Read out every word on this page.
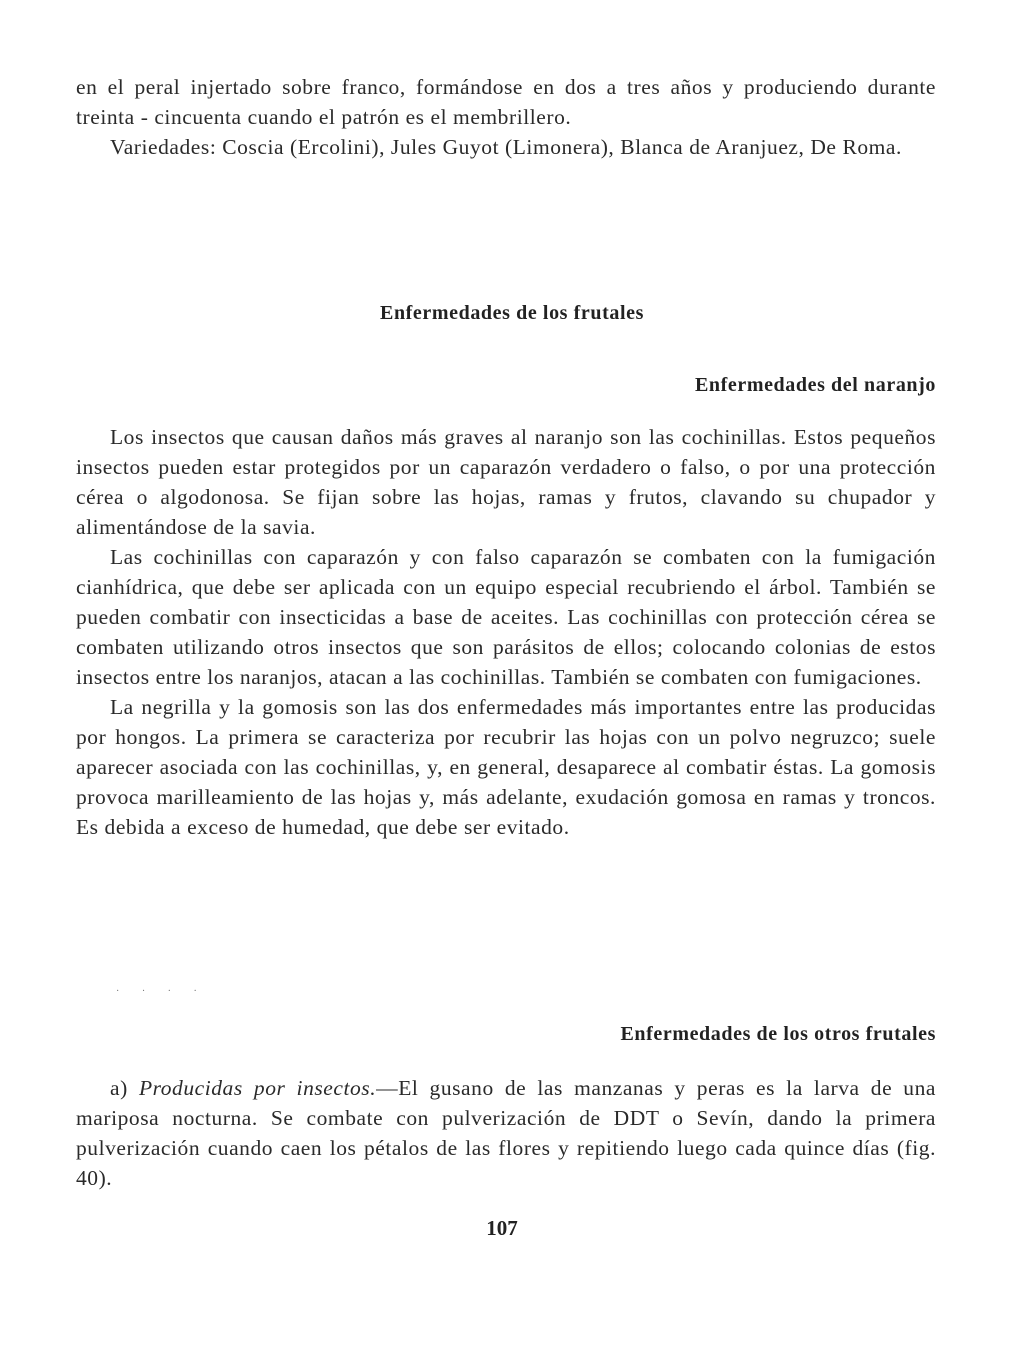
en el peral injertado sobre franco, formándose en dos a tres años y produciendo durante treinta - cincuenta cuando el patrón es el membrillero.

Variedades: Coscia (Ercolini), Jules Guyot (Limonera), Blanca de Aranjuez, De Roma.

Enfermedades de los frutales
Enfermedades del naranjo

Los insectos que causan daños más graves al naranjo son las cochinillas. Estos pequeños insectos pueden estar protegidos por un caparazón verdadero o falso, o por una protección cérea o algodonosa. Se fijan sobre las hojas, ramas y frutos, clavando su chupador y alimentándose de la savia.

Las cochinillas con caparazón y con falso caparazón se combaten con la fumigación cianhídrica, que debe ser aplicada con un equipo especial recubriendo el árbol. También se pueden combatir con insecticidas a base de aceites. Las cochinillas con protección cérea se combaten utilizando otros insectos que son parásitos de ellos; colocando colonias de estos insectos entre los naranjos, atacan a las cochinillas. También se combaten con fumigaciones.

La negrilla y la gomosis son las dos enfermedades más importantes entre las producidas por hongos. La primera se caracteriza por recubrir las hojas con un polvo negruzco; suele aparecer asociada con las cochinillas, y, en general, desaparece al combatir éstas. La gomosis provoca marilleamiento de las hojas y, más adelante, exudación gomosa en ramas y troncos. Es debida a exceso de humedad, que debe ser evitado.

· · · ·
Enfermedades de los otros frutales

a) Producidas por insectos.—El gusano de las manzanas y peras es la larva de una mariposa nocturna. Se combate con pulverización de DDT o Sevín, dando la primera pulverización cuando caen los pétalos de las flores y repitiendo luego cada quince días (fig. 40).

107
